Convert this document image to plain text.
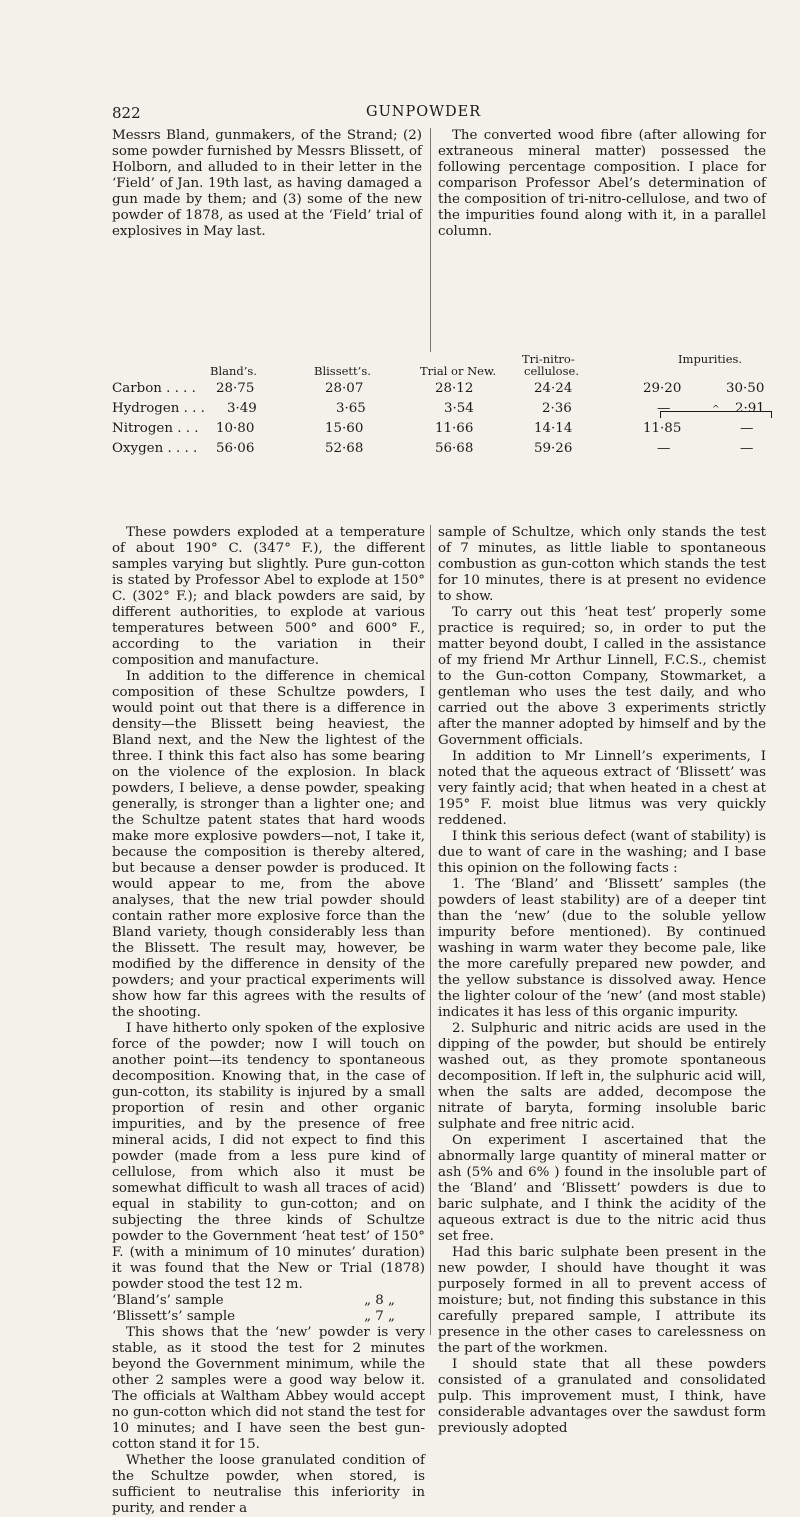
822	GUNPOWDER

Messrs Bland, gunmakers, of the Strand; (2) some powder furnished by Messrs Blissett, of Holborn, and alluded to in their letter in the ‘Field’ of Jan. 19th last, as having damaged a gun made by them; and (3) some of the new powder of 1878, as used at the ‘Field’ trial of explosives in May last.

The converted wood fibre (after allowing for extraneous mineral matter) possessed the following percentage composition. I place for comparison Professor Abel’s determination of the composition of tri-nitro-cellulose, and two of the impurities found along with it, in a parallel column.

Bland’s.	Blissett’s.	Trial or New.
Tri-nitro-
cellulose.
Impurities.
^
Carbon . . . . 28·75	28·07	28·12	24·24	29·20	30·50
Hydrogen . . . 3·49	3·65	3·54	2·36	—	2·91
Nitrogen . . . 10·80	15·60	11·66	14·14	11·85	—
Oxygen . . . . 56·06	52·68	56·68	59·26	—	—

These powders exploded at a temperature of about 190° C. (347° F.), the different samples varying but slightly. Pure gun-cotton is stated by Professor Abel to explode at 150° C. (302° F.); and black powders are said, by different authorities, to explode at various temperatures between 500° and 600° F., according to the variation in their composition and manufacture.

In addition to the difference in chemical composition of these Schultze powders, I would point out that there is a difference in density—the Blissett being heaviest, the Bland next, and the New the lightest of the three. I think this fact also has some bearing on the violence of the explosion. In black powders, I believe, a dense powder, speaking generally, is stronger than a lighter one; and the Schultze patent states that hard woods make more explosive powders—not, I take it, because the composition is thereby altered, but because a denser powder is produced. It would appear to me, from the above analyses, that the new trial powder should contain rather more explosive force than the Bland variety, though considerably less than the Blissett. The result may, however, be modified by the difference in density of the powders; and your practical experiments will show how far this agrees with the results of the shooting.

I have hitherto only spoken of the explosive force of the powder; now I will touch on another point—its tendency to spontaneous decomposition. Knowing that, in the case of gun-cotton, its stability is injured by a small proportion of resin and other organic impurities, and by the presence of free mineral acids, I did not expect to find this powder (made from a less pure kind of cellulose, from which also it must be somewhat difficult to wash all traces of acid) equal in stability to gun-cotton; and on subjecting the three kinds of Schultze powder to the Government ‘heat test’ of 150° F. (with a minimum of 10 minutes’ duration) it was found that the New or Trial (1878) powder stood the test 12 m.

‘Bland’s’ sample	„ 8 „
‘Blissett’s’ sample	„ 7 „

This shows that the ‘new’ powder is very stable, as it stood the test for 2 minutes beyond the Government minimum, while the other 2 samples were a good way below it. The officials at Waltham Abbey would accept no gun-cotton which did not stand the test for 10 minutes; and I have seen the best gun-cotton stand it for 15.

Whether the loose granulated condition of the Schultze powder, when stored, is sufficient to neutralise this inferiority in purity, and render a

sample of Schultze, which only stands the test of 7 minutes, as little liable to spontaneous combustion as gun-cotton which stands the test for 10 minutes, there is at present no evidence to show.

To carry out this ‘heat test’ properly some practice is required; so, in order to put the matter beyond doubt, I called in the assistance of my friend Mr Arthur Linnell, F.C.S., chemist to the Gun-cotton Company, Stowmarket, a gentleman who uses the test daily, and who carried out the above 3 experiments strictly after the manner adopted by himself and by the Government officials.

In addition to Mr Linnell’s experiments, I noted that the aqueous extract of ‘Blissett’ was very faintly acid; that when heated in a chest at 195° F. moist blue litmus was very quickly reddened.

I think this serious defect (want of stability) is due to want of care in the washing; and I base this opinion on the following facts :

1. The ‘Bland’ and ‘Blissett’ samples (the powders of least stability) are of a deeper tint than the ‘new’ (due to the soluble yellow impurity before mentioned). By continued washing in warm water they become pale, like the more carefully prepared new powder, and the yellow substance is dissolved away. Hence the lighter colour of the ‘new’ (and most stable) indicates it has less of this organic impurity.

2. Sulphuric and nitric acids are used in the dipping of the powder, but should be entirely washed out, as they promote spontaneous decomposition. If left in, the sulphuric acid will, when the salts are added, decompose the nitrate of baryta, forming insoluble baric sulphate and free nitric acid.

On experiment I ascertained that the abnormally large quantity of mineral matter or ash (5% and 6% ) found in the insoluble part of the ‘Bland’ and ‘Blissett’ powders is due to baric sulphate, and I think the acidity of the aqueous extract is due to the nitric acid thus set free.

Had this baric sulphate been present in the new powder, I should have thought it was purposely formed in all to prevent access of moisture; but, not finding this substance in this carefully prepared sample, I attribute its presence in the other cases to carelessness on the part of the workmen.

I should state that all these powders consisted of a granulated and consolidated pulp. This improvement must, I think, have considerable advantages over the sawdust form previously adopted
